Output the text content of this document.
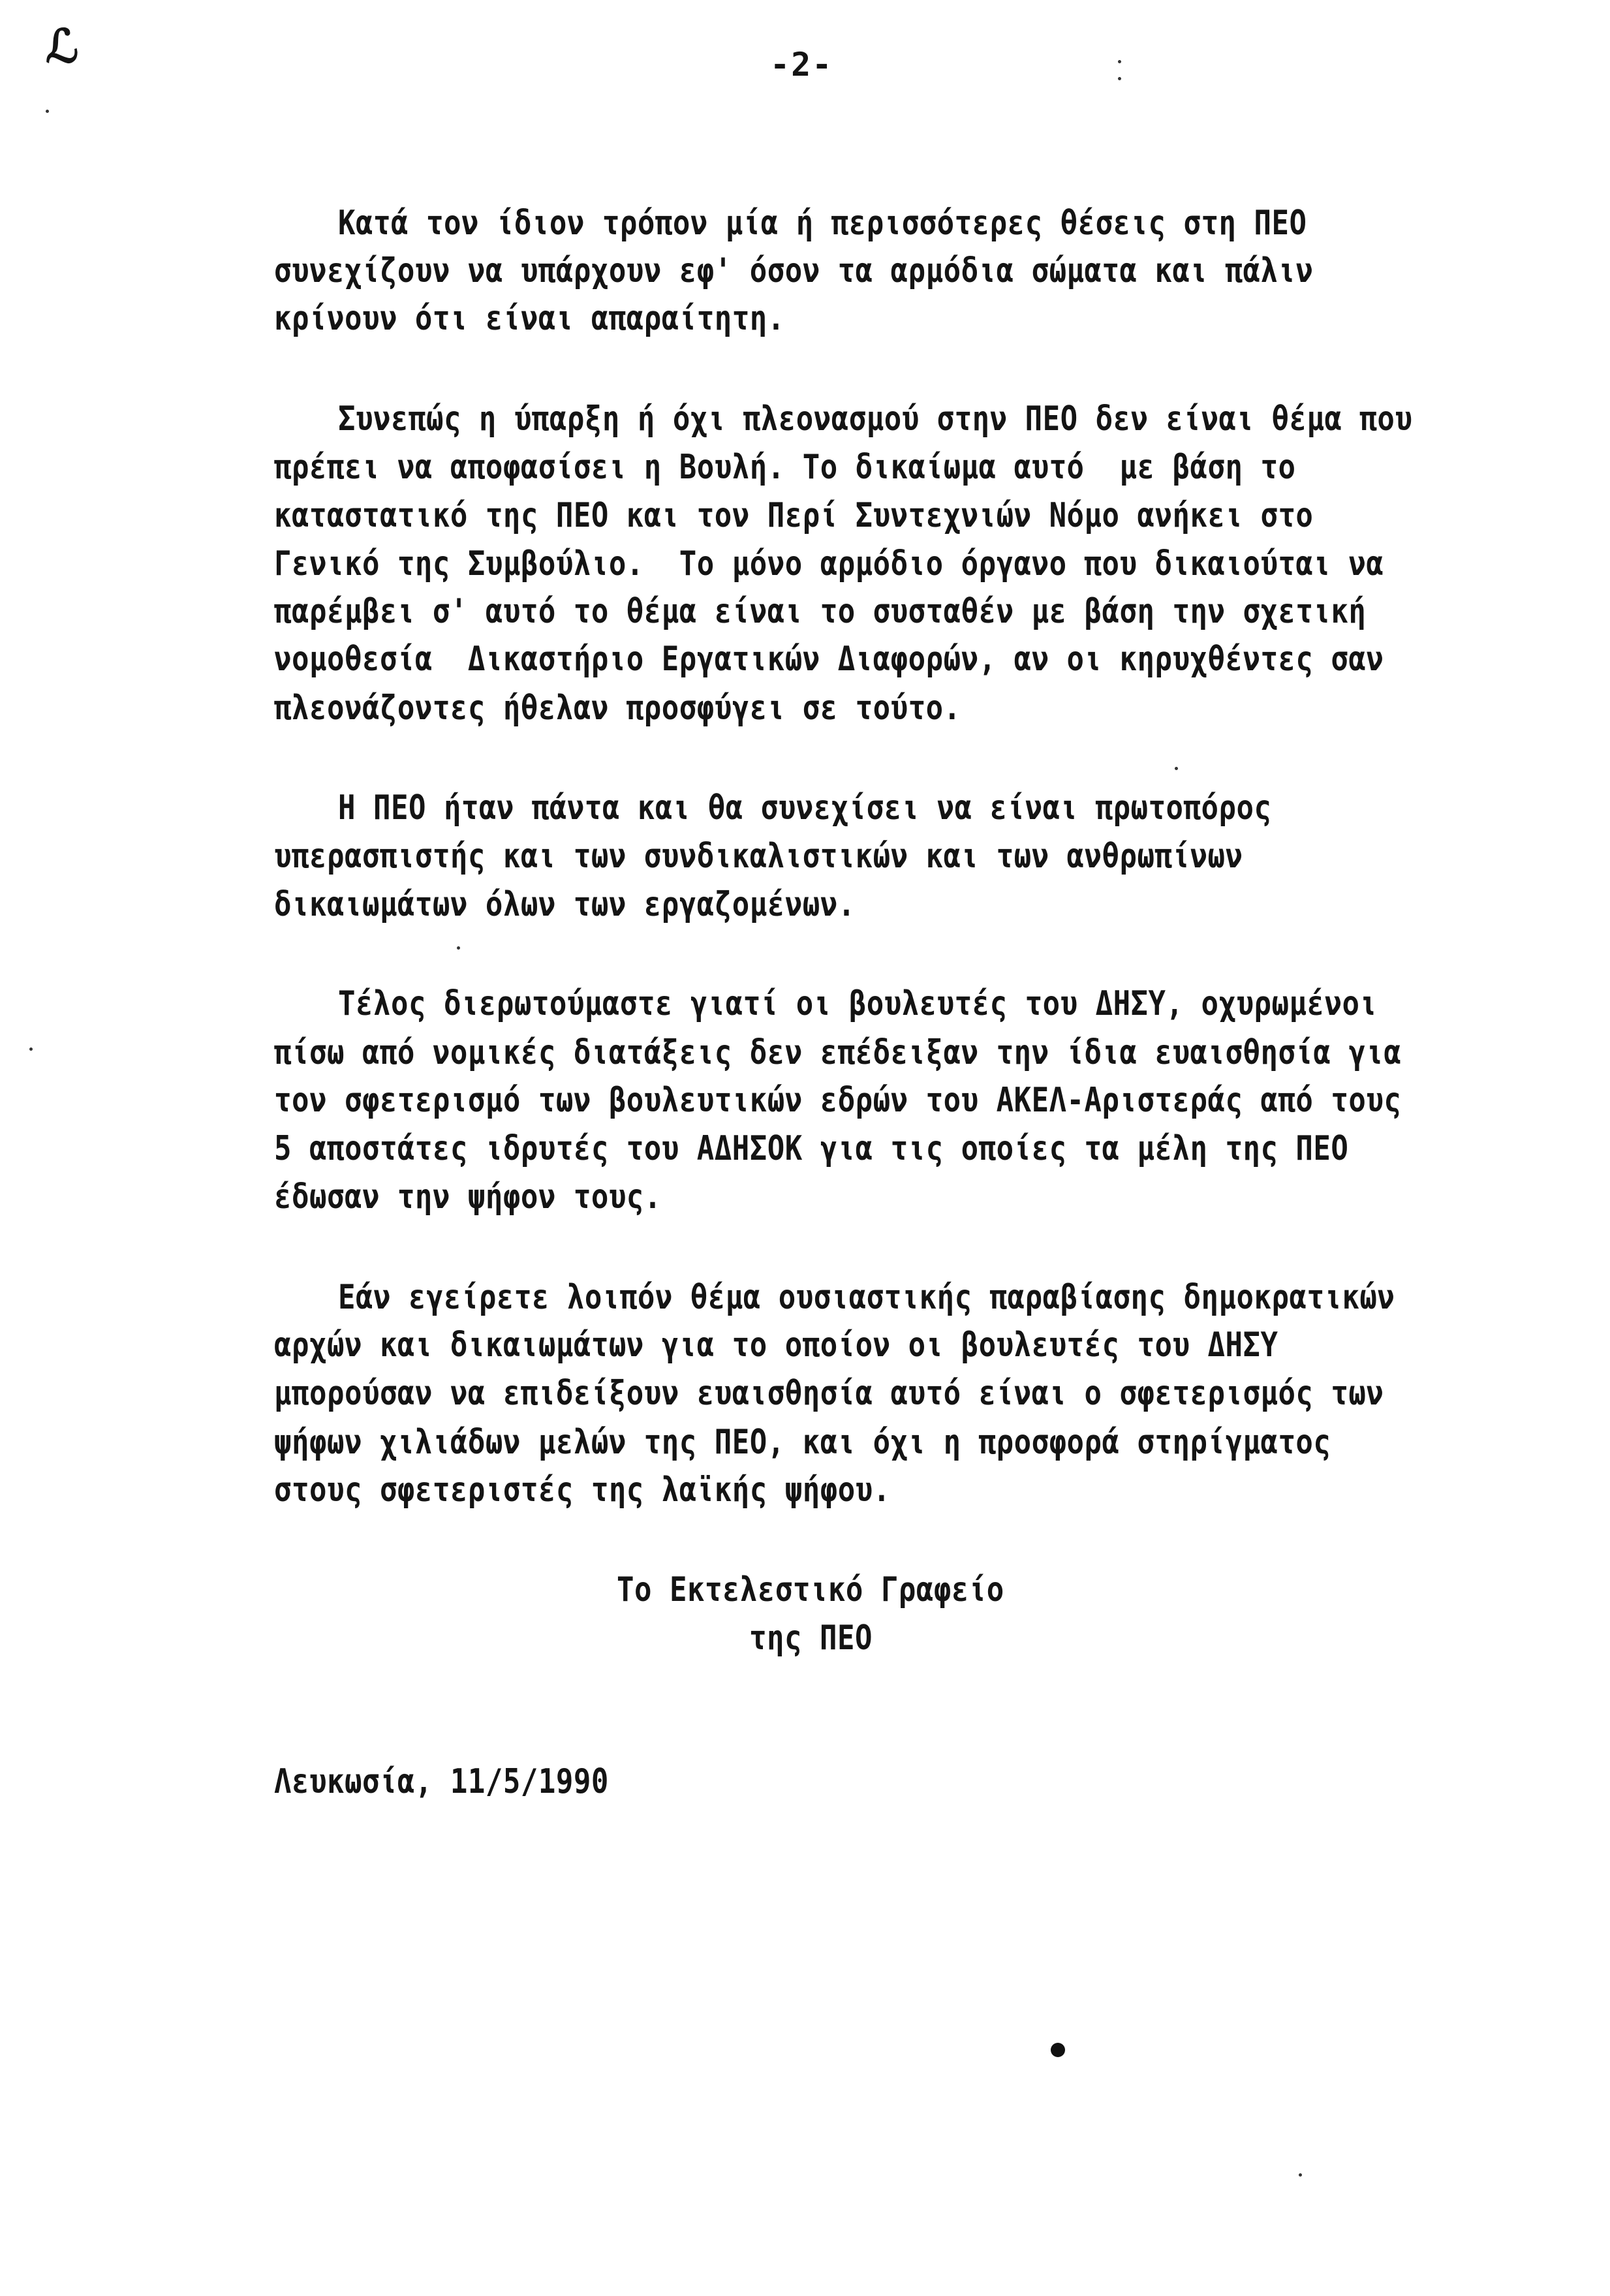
ℒ	-2-
Κατά τον ίδιον τρόπον μία ή περισσότερες θέσεις στη ΠΕΟ
συνεχίζουν να υπάρχουν εφ' όσον τα αρμόδια σώματα και πάλιν
κρίνουν ότι είναι απαραίτητη.
Συνεπώς η ύπαρξη ή όχι πλεονασμού στην ΠΕΟ δεν είναι θέμα που
πρέπει να αποφασίσει η Βουλή. Το δικαίωμα αυτό  με βάση το
καταστατικό της ΠΕΟ και τον Περί Συντεχνιών Νόμο ανήκει στο
Γενικό της Συμβούλιο.  Το μόνο αρμόδιο όργανο που δικαιούται να
παρέμβει σ' αυτό το θέμα είναι το συσταθέν με βάση την σχετική
νομοθεσία  Δικαστήριο Εργατικών Διαφορών, αν οι κηρυχθέντες σαν
πλεονάζοντες ήθελαν προσφύγει σε τούτο.
Η ΠΕΟ ήταν πάντα και θα συνεχίσει να είναι πρωτοπόρος
υπερασπιστής και των συνδικαλιστικών και των ανθρωπίνων
δικαιωμάτων όλων των εργαζομένων.
Τέλος διερωτούμαστε γιατί οι βουλευτές του ΔΗΣΥ, οχυρωμένοι
πίσω από νομικές διατάξεις δεν επέδειξαν την ίδια ευαισθησία για
τον σφετερισμό των βουλευτικών εδρών του ΑΚΕΛ-Αριστεράς από τους
5 αποστάτες ιδρυτές του ΑΔΗΣΟΚ για τις οποίες τα μέλη της ΠΕΟ
έδωσαν την ψήφον τους.
Εάν εγείρετε λοιπόν θέμα ουσιαστικής παραβίασης δημοκρατικών
αρχών και δικαιωμάτων για το οποίον οι βουλευτές του ΔΗΣΥ
μπορούσαν να επιδείξουν ευαισθησία αυτό είναι ο σφετερισμός των
ψήφων χιλιάδων μελών της ΠΕΟ, και όχι η προσφορά στηρίγματος
στους σφετεριστές της λαϊκής ψήφου.
Το Εκτελεστικό Γραφείο
της ΠΕΟ
Λευκωσία, 11/5/1990
